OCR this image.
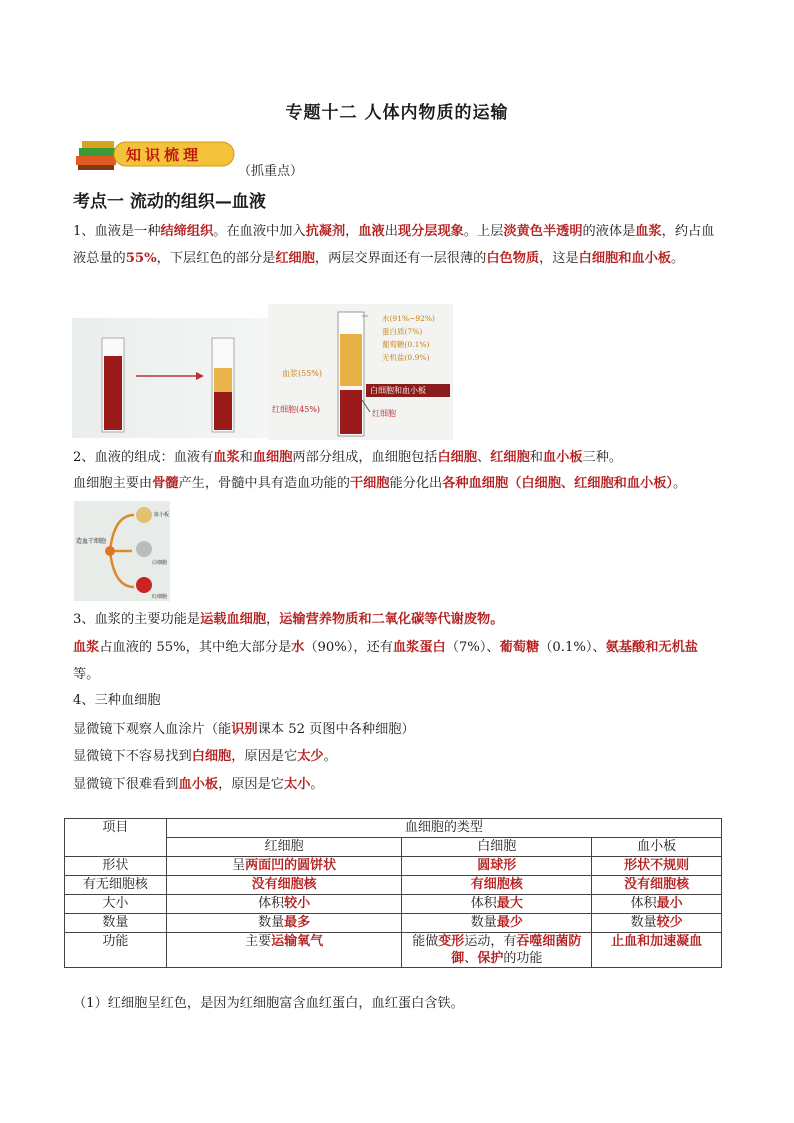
专题十二 人体内物质的运输
知识梳理
（抓重点）
考点一 流动的组织—血液
1、血液是一种结缔组织。在血液中加入抗凝剂，血液出现分层现象。上层淡黄色半透明的液体是血浆，约占血液总量的55%，下层红色的部分是红细胞，两层交界面还有一层很薄的白色物质，这是白细胞和血小板。
血浆(55%)
红细胞(45%)
水(91%~92%)
蛋白质(7%)
葡萄糖(0.1%)
无机盐(0.9%)
白细胞和血小板
红细胞
2、血液的组成：血液有血浆和血细胞两部分组成，血细胞包括白细胞、红细胞和血小板三种。
血细胞主要由骨髓产生，骨髓中具有造血功能的干细胞能分化出各种血细胞（白细胞、红细胞和血小板）。
造血干细胞
血小板
白细胞
红细胞
3、血浆的主要功能是运载血细胞，运输营养物质和二氧化碳等代谢废物。
血浆占血液的 55%，其中绝大部分是水（90%），还有血浆蛋白（7%）、葡萄糖（0.1%）、氨基酸和无机盐等。
4、三种血细胞
显微镜下观察人血涂片（能识别课本 52 页图中各种细胞）
显微镜下不容易找到白细胞，原因是它太少。
显微镜下很难看到血小板，原因是它太小。
项目	血细胞的类型		
	红细胞	白细胞	血小板
形状	呈两面凹的圆饼状	圆球形	形状不规则
有无细胞核	没有细胞核	有细胞核	没有细胞核
大小	体积较小	体积最大	体积最小
数量	数量最多	数量最少	数量较少
功能	主要运输氧气	能做变形运动，有吞噬细菌防御、保护的功能	止血和加速凝血
（1）红细胞呈红色，是因为红细胞富含血红蛋白，血红蛋白含铁。
